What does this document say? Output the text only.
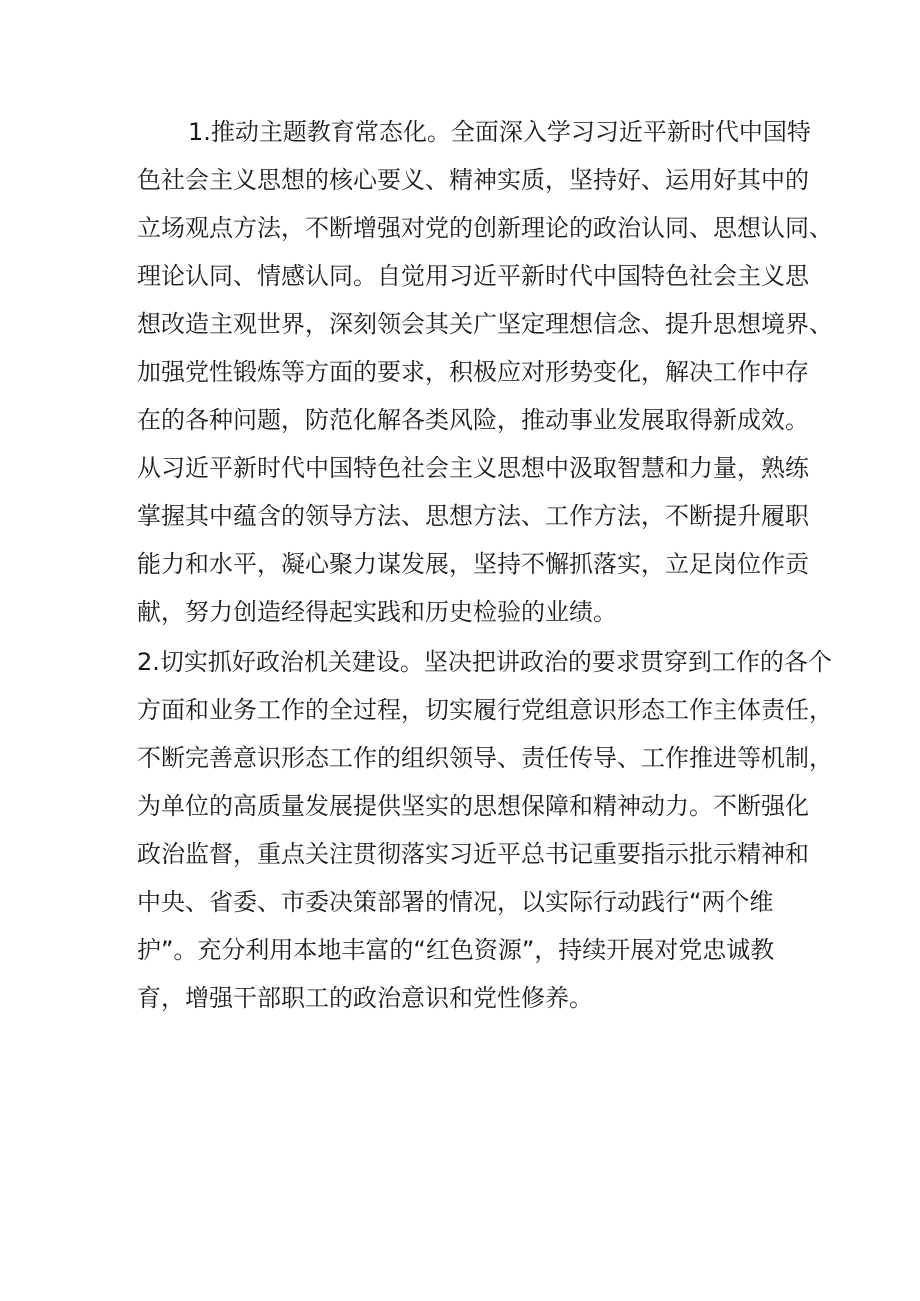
1.推动主题教育常态化。全面深入学习习近平新时代中国特

色社会主义思想的核心要义、精神实质，坚持好、运用好其中的

立场观点方法，不断增强对党的创新理论的政治认同、思想认同、

理论认同、情感认同。自觉用习近平新时代中国特色社会主义思

想改造主观世界，深刻领会其关广坚定理想信念、提升思想境界、

加强党性锻炼等方面的要求，积极应对形势变化，解决工作中存

在的各种问题，防范化解各类风险，推动事业发展取得新成效。

从习近平新时代中国特色社会主义思想中汲取智慧和力量，熟练

掌握其中蕴含的领导方法、思想方法、工作方法，不断提升履职

能力和水平，凝心聚力谋发展，坚持不懈抓落实，立足岗位作贡

献，努力创造经得起实践和历史检验的业绩。

2.切实抓好政治机关建设。坚决把讲政治的要求贯穿到工作的各个

方面和业务工作的全过程，切实履行党组意识形态工作主体责任，

不断完善意识形态工作的组织领导、责任传导、工作推进等机制，

为单位的高质量发展提供坚实的思想保障和精神动力。不断强化

政治监督，重点关注贯彻落实习近平总书记重要指示批示精神和

中央、省委、市委决策部署的情况，以实际行动践行“两个维

护”。充分利用本地丰富的“红色资源”，持续开展对党忠诚教

育，增强干部职工的政治意识和党性修养。
